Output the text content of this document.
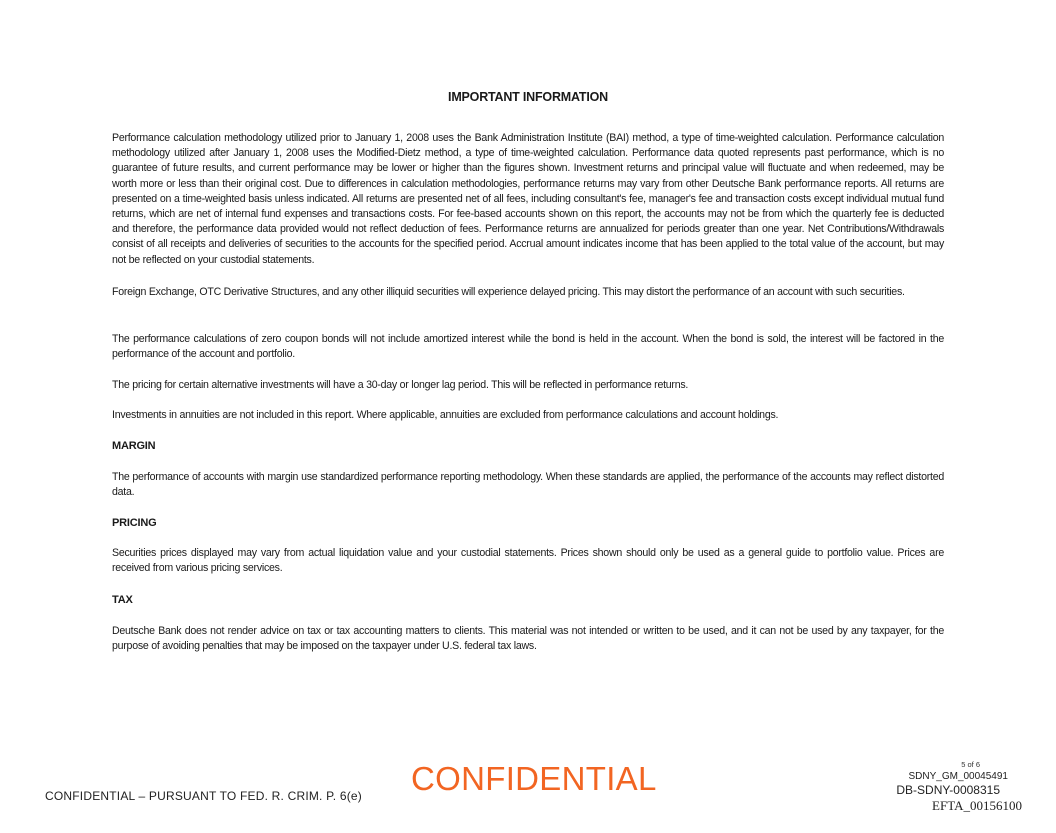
IMPORTANT INFORMATION

Performance calculation methodology utilized prior to January 1, 2008 uses the Bank Administration Institute (BAI) method, a type of time-weighted calculation. Performance calculation methodology utilized after January 1, 2008 uses the Modified-Dietz method, a type of time-weighted calculation. Performance data quoted represents past performance, which is no guarantee of future results, and current performance may be lower or higher than the figures shown. Investment returns and principal value will fluctuate and when redeemed, may be worth more or less than their original cost. Due to differences in calculation methodologies, performance returns may vary from other Deutsche Bank performance reports. All returns are presented on a time-weighted basis unless indicated. All returns are presented net of all fees, including consultant's fee, manager's fee and transaction costs except individual mutual fund returns, which are net of internal fund expenses and transactions costs. For fee-based accounts shown on this report, the accounts may not be from which the quarterly fee is deducted and therefore, the performance data provided would not reflect deduction of fees. Performance returns are annualized for periods greater than one year. Net Contributions/Withdrawals consist of all receipts and deliveries of securities to the accounts for the specified period. Accrual amount indicates income that has been applied to the total value of the account, but may not be reflected on your custodial statements.

Foreign Exchange, OTC Derivative Structures, and any other illiquid securities will experience delayed pricing. This may distort the performance of an account with such securities.

The performance calculations of zero coupon bonds will not include amortized interest while the bond is held in the account. When the bond is sold, the interest will be factored in the performance of the account and portfolio.

The pricing for certain alternative investments will have a 30-day or longer lag period. This will be reflected in performance returns.

Investments in annuities are not included in this report. Where applicable, annuities are excluded from performance calculations and account holdings.

MARGIN

The performance of accounts with margin use standardized performance reporting methodology. When these standards are applied, the performance of the accounts may reflect distorted data.

PRICING

Securities prices displayed may vary from actual liquidation value and your custodial statements. Prices shown should only be used as a general guide to portfolio value. Prices are received from various pricing services.

TAX

Deutsche Bank does not render advice on tax or tax accounting matters to clients. This material was not intended or written to be used, and it can not be used by any taxpayer, for the purpose of avoiding penalties that may be imposed on the taxpayer under U.S. federal tax laws.

CONFIDENTIAL – PURSUANT TO FED. R. CRIM. P. 6(e) CONFIDENTIAL	5 of 6
SDNY_GM_00045491
DB-SDNY-0008315
EFTA_00156100
